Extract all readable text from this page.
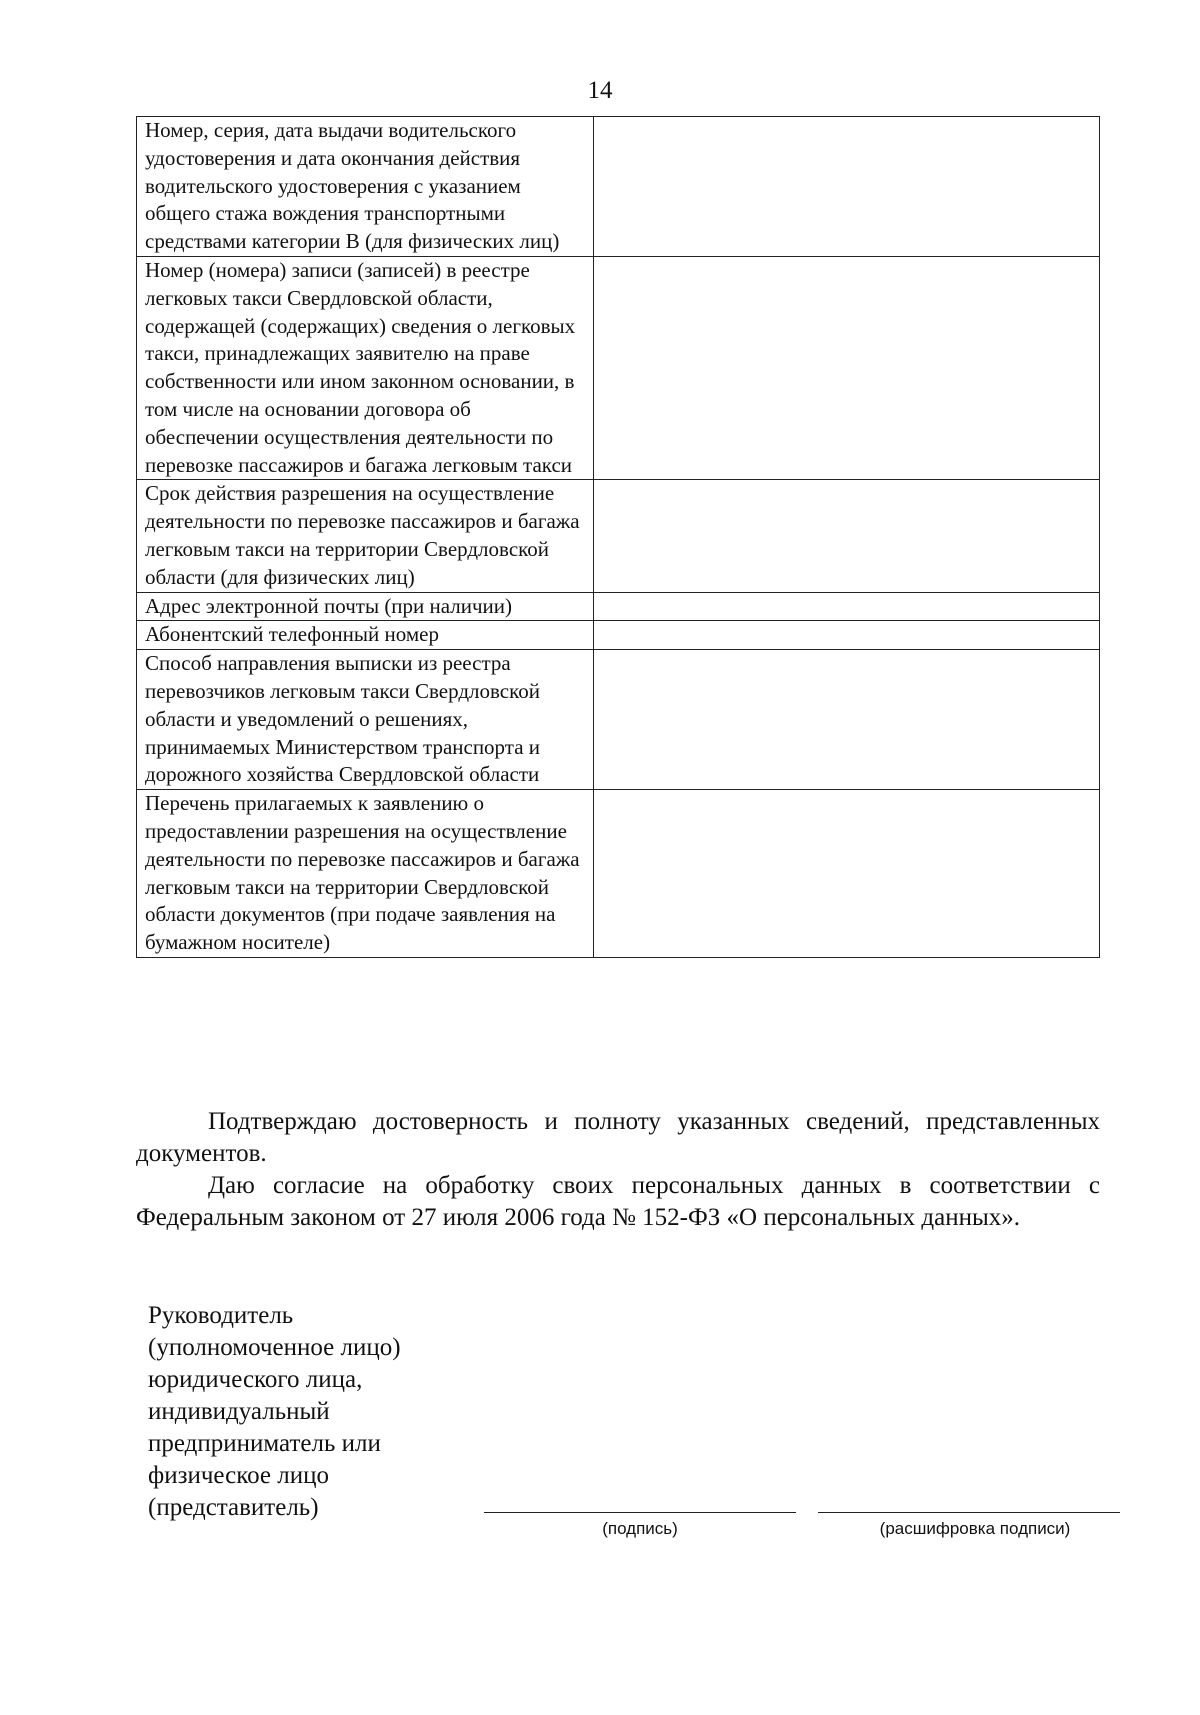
14
Номер, серия, дата выдачи водительского удостоверения и дата окончания действия водительского удостоверения с указанием общего стажа вождения транспортными средствами категории В (для физических лиц)	
Номер (номера) записи (записей) в реестре легковых такси Свердловской области, содержащей (содержащих) сведения о легковых такси, принадлежащих заявителю на праве собственности или ином законном основании, в том числе на основании договора об обеспечении осуществления деятельности по перевозке пассажиров и багажа легковым такси	
Срок действия разрешения на осуществление деятельности по перевозке пассажиров и багажа легковым такси на территории Свердловской области (для физических лиц)	
Адрес электронной почты (при наличии)	
Абонентский телефонный номер	
Способ направления выписки из реестра перевозчиков легковым такси Свердловской области и уведомлений о решениях, принимаемых Министерством транспорта и дорожного хозяйства Свердловской области	
Перечень прилагаемых к заявлению о предоставлении разрешения на осуществление деятельности по перевозке пассажиров и багажа легковым такси на территории Свердловской области документов (при подаче заявления на бумажном носителе)	
Подтверждаю достоверность и полноту указанных сведений, представленных документов.
Даю согласие на обработку своих персональных данных в соответствии с Федеральным законом от 27 июля 2006 года № 152-ФЗ «О персональных данных».
Руководитель
(уполномоченное лицо)
юридического лица,
индивидуальный
предприниматель или
физическое лицо
(представитель)
(подпись)	(расшифровка подписи)
